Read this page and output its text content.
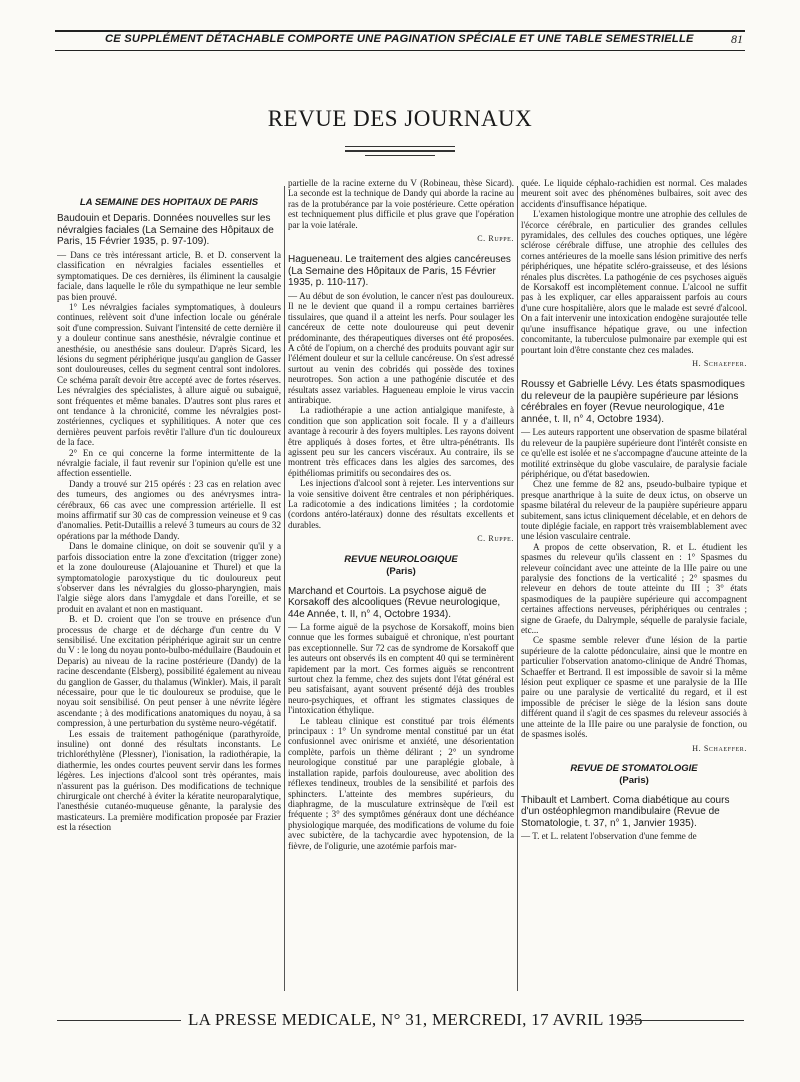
CE SUPPLÉMENT DÉTACHABLE COMPORTE UNE PAGINATION SPÉCIALE ET UNE TABLE SEMESTRIELLE	81
REVUE DES JOURNAUX
LA SEMAINE DES HOPITAUX DE PARIS
Baudouin et Deparis. Données nouvelles sur les névralgies faciales (La Semaine des Hôpitaux de Paris, 15 Février 1935, p. 97-109).

— Dans ce très intéressant article, B. et D. conservent la classification en névralgies faciales essentielles et symptomatiques. De ces dernières, ils éliminent la causalgie faciale, dans laquelle le rôle du sympathique ne leur semble pas bien prouvé.

1° Les névralgies faciales symptomatiques, à douleurs continues, relèvent soit d'une infection locale ou générale soit d'une compression. Suivant l'intensité de cette dernière il y a douleur continue sans anesthésie, névralgie continue et anesthésie, ou anesthésie sans douleur. D'après Sicard, les lésions du segment périphérique jusqu'au ganglion de Gasser sont douloureuses, celles du segment central sont indolores. Ce schéma paraît devoir être accepté avec de fortes réserves. Les névralgies des spécialistes, à allure aiguë ou subaiguë, sont fréquentes et même banales. D'autres sont plus rares et ont tendance à la chronicité, comme les névralgies post-zostériennes, cycliques et syphilitiques. A noter que ces dernières peuvent parfois revêtir l'allure d'un tic douloureux de la face.

2° En ce qui concerne la forme intermittente de la névralgie faciale, il faut revenir sur l'opinion qu'elle est une affection essentielle.

Dandy a trouvé sur 215 opérés : 23 cas en relation avec des tumeurs, des angiomes ou des anévrysmes intra-cérébraux, 66 cas avec une compression artérielle. Il est moins affirmatif sur 30 cas de compression veineuse et 9 cas d'anomalies. Petit-Dutaillis a relevé 3 tumeurs au cours de 32 opérations par la méthode Dandy.

Dans le domaine clinique, on doit se souvenir qu'il y a parfois dissociation entre la zone d'excitation (trigger zone) et la zone douloureuse (Alajouanine et Thurel) et que la symptomatologie paroxystique du tic douloureux peut s'observer dans les névralgies du glosso-pharyngien, mais l'algie siège alors dans l'amygdale et dans l'oreille, et se produit en avalant et non en mastiquant.

B. et D. croient que l'on se trouve en présence d'un processus de charge et de décharge d'un centre du V sensibilisé. Une excitation périphérique agirait sur un centre du V : le long du noyau ponto-bulbo-médullaire (Baudouin et Deparis) au niveau de la racine postérieure (Dandy) de la racine descendante (Elsberg), possibilité également au niveau du ganglion de Gasser, du thalamus (Winkler). Mais, il paraît nécessaire, pour que le tic douloureux se produise, que le noyau soit sensibilisé. On peut penser à une névrite légère ascendante ; à des modifications anatomiques du noyau, à sa compression, à une perturbation du système neuro-végétatif.

Les essais de traitement pathogénique (parathyroïde, insuline) ont donné des résultats inconstants. Le trichloréthylène (Plessner), l'ionisation, la radiothérapie, la diathermie, les ondes courtes peuvent servir dans les formes légères. Les injections d'alcool sont très opérantes, mais n'assurent pas la guérison. Des modifications de technique chirurgicale ont cherché à éviter la kératite neuroparalytique, l'anesthésie cutanéo-muqueuse gênante, la paralysie des masticateurs. La première modification proposée par Frazier est la résection

partielle de la racine externe du V (Robineau, thèse Sicard). La seconde est la technique de Dandy qui aborde la racine au ras de la protubérance par la voie postérieure. Cette opération est techniquement plus difficile et plus grave que l'opération par la voie latérale.

C. Ruppe.
Hagueneau. Le traitement des algies cancéreuses (La Semaine des Hôpitaux de Paris, 15 Février 1935, p. 110-117).

— Au début de son évolution, le cancer n'est pas douloureux. Il ne le devient que quand il a rompu certaines barrières tissulaires, que quand il a atteint les nerfs. Pour soulager les cancéreux de cette note douloureuse qui peut devenir prédominante, des thérapeutiques diverses ont été proposées. A côté de l'opium, on a cherché des produits pouvant agir sur l'élément douleur et sur la cellule cancéreuse. On s'est adressé surtout au venin des cobridés qui possède des toxines neurotropes. Son action a une pathogénie discutée et des résultats assez variables. Hagueneau emploie le virus vaccin antirabique.

La radiothérapie a une action antialgique manifeste, à condition que son application soit focale. Il y a d'ailleurs avantage à recourir à des foyers multiples. Les rayons doivent être appliqués à doses fortes, et être ultra-pénétrants. Ils agissent peu sur les cancers viscéraux. Au contraire, ils se montrent très efficaces dans les algies des sarcomes, des épithéliomas primitifs ou secondaires des os.

Les injections d'alcool sont à rejeter. Les interventions sur la voie sensitive doivent être centrales et non périphériques. La radicotomie a des indications limitées ; la cordotomie (cordons antéro-latéraux) donne des résultats excellents et durables.

C. Ruppe.
REVUE NEUROLOGIQUE
(Paris)
Marchand et Courtois. La psychose aiguë de Korsakoff des alcooliques (Revue neurologique, 44e Année, t. II, n° 4, Octobre 1934).

— La forme aiguë de la psychose de Korsakoff, moins bien connue que les formes subaiguë et chronique, n'est pourtant pas exceptionnelle. Sur 72 cas de syndrome de Korsakoff que les auteurs ont observés ils en comptent 40 qui se terminèrent rapidement par la mort. Ces formes aiguës se rencontrent surtout chez la femme, chez des sujets dont l'état général est peu satisfaisant, ayant souvent présenté déjà des troubles neuro-psychiques, et offrant les stigmates classiques de l'intoxication éthylique.

Le tableau clinique est constitué par trois éléments principaux : 1° Un syndrome mental constitué par un état confusionnel avec onirisme et anxiété, une désorientation complète, parfois un thème délirant ; 2° un syndrome neurologique constitué par une paraplégie globale, à installation rapide, parfois douloureuse, avec abolition des réflexes tendineux, troubles de la sensibilité et parfois des sphincters. L'atteinte des membres supérieurs, du diaphragme, de la musculature extrinsèque de l'œil est fréquente ; 3° des symptômes généraux dont une déchéance physiologique marquée, des modifications de volume du foie avec subictère, de la tachycardie avec hypotension, de la fièvre, de l'oligurie, une azotémie parfois mar-

quée. Le liquide céphalo-rachidien est normal. Ces malades meurent soit avec des phénomènes bulbaires, soit avec des accidents d'insuffisance hépatique.

L'examen histologique montre une atrophie des cellules de l'écorce cérébrale, en particulier des grandes cellules pyramidales, des cellules des couches optiques, une légère sclérose cérébrale diffuse, une atrophie des cellules des cornes antérieures de la moelle sans lésion primitive des nerfs périphériques, une hépatite scléro-graisseuse, et des lésions rénales plus discrètes. La pathogénie de ces psychoses aiguës de Korsakoff est incomplètement connue. L'alcool ne suffit pas à les expliquer, car elles apparaissent parfois au cours d'une cure hospitalière, alors que le malade est sevré d'alcool. On a fait intervenir une intoxication endogène surajoutée telle qu'une insuffisance hépatique grave, ou une infection concomitante, la tuberculose pulmonaire par exemple qui est pourtant loin d'être constante chez ces malades.

H. Schaeffer.
Roussy et Gabrielle Lévy. Les états spasmodiques du releveur de la paupière supérieure par lésions cérébrales en foyer (Revue neurologique, 41e année, t. II, n° 4, Octobre 1934).

— Les auteurs rapportent une observation de spasme bilatéral du releveur de la paupière supérieure dont l'intérêt consiste en ce qu'elle est isolée et ne s'accompagne d'aucune atteinte de la motilité extrinsèque du globe vasculaire, de paralysie faciale périphérique, ou d'état basedowien.

Chez une femme de 82 ans, pseudo-bulbaire typique et presque anarthrique à la suite de deux ictus, on observe un spasme bilatéral du releveur de la paupière supérieure apparu subitement, sans ictus cliniquement décelable, et en dehors de toute diplégie faciale, en rapport très vraisemblablement avec une lésion vasculaire centrale.

A propos de cette observation, R. et L. étudient les spasmes du releveur qu'ils classent en : 1° Spasmes du releveur coïncidant avec une atteinte de la IIIe paire ou une paralysie des fonctions de la verticalité ; 2° spasmes du releveur en dehors de toute atteinte du III ; 3° états spasmodiques de la paupière supérieure qui accompagnent certaines affections nerveuses, périphériques ou centrales ; signe de Graefe, du Dalrymple, séquelle de paralysie faciale, etc...

Ce spasme semble relever d'une lésion de la partie supérieure de la calotte pédonculaire, ainsi que le montre en particulier l'observation anatomo-clinique de André Thomas, Schaeffer et Bertrand. Il est impossible de savoir si la même lésion peut expliquer ce spasme et une paralysie de la IIIe paire ou une paralysie de verticalité du regard, et il est impossible de préciser le siège de la lésion sans doute différent quand il s'agit de ces spasmes du releveur associés à une atteinte de la IIIe paire ou une paralysie de fonction, ou de spasmes isolés.

H. Schaeffer.
REVUE DE STOMATOLOGIE
(Paris)
Thibault et Lambert. Coma diabétique au cours d'un ostéophlegmon mandibulaire (Revue de Stomatologie, t. 37, n° 1, Janvier 1935).

— T. et L. relatent l'observation d'une femme de

LA PRESSE MEDICALE, N° 31, MERCREDI, 17 AVRIL 1935
